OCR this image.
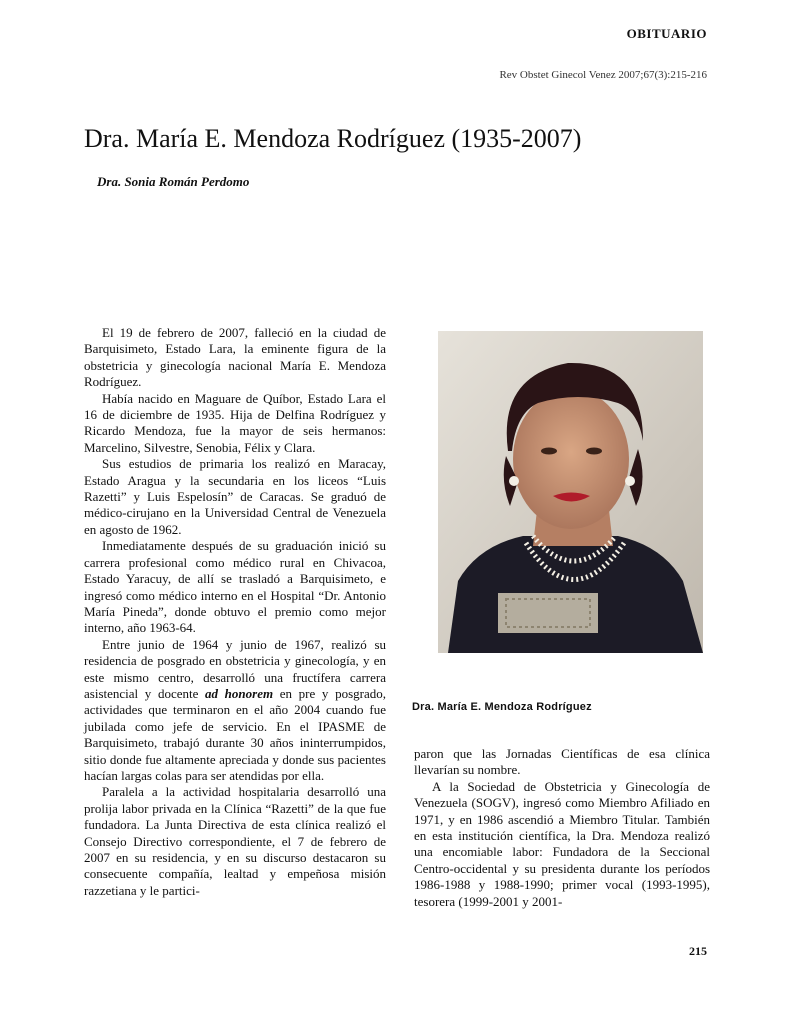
OBITUARIO
Rev Obstet Ginecol Venez 2007;67(3):215-216
Dra. María E. Mendoza Rodríguez (1935-2007)
Dra. Sonia Román Perdomo

El 19 de febrero de 2007, falleció en la ciudad de Barquisimeto, Estado Lara, la eminente figura de la obstetricia y ginecología nacional María E. Mendoza Rodríguez.

Había nacido en Maguare de Quíbor, Estado Lara el 16 de diciembre de 1935. Hija de Delfina Rodríguez y Ricardo Mendoza, fue la mayor de seis hermanos: Marcelino, Silvestre, Senobia, Félix y Clara.

Sus estudios de primaria los realizó en Maracay, Estado Aragua y la secundaria en los liceos “Luis Razetti” y Luis Espelosín” de Caracas. Se graduó de médico-cirujano en la Universidad Central de Venezuela en agosto de 1962.

Inmediatamente después de su graduación inició su carrera profesional como médico rural en Chivacoa, Estado Yaracuy, de allí se trasladó a Barquisimeto, e ingresó como médico interno en el Hospital “Dr. Antonio María Pineda”, donde obtuvo el premio como mejor interno, año 1963-64.

Entre junio de 1964 y junio de 1967, realizó su residencia de posgrado en obstetricia y ginecología, y en este mismo centro, desarrolló una fructífera carrera asistencial y docente ad honorem en pre y posgrado, actividades que terminaron en el año 2004 cuando fue jubilada como jefe de servicio. En el IPASME de Barquisimeto, trabajó durante 30 años ininterrumpidos, sitio donde fue altamente apreciada y donde sus pacientes hacían largas colas para ser atendidas por ella.

Paralela a la actividad hospitalaria desarrolló una prolija labor privada en la Clínica “Razetti” de la que fue fundadora. La Junta Directiva de esta clínica realizó el Consejo Directivo correspondiente, el 7 de febrero de 2007 en su residencia, y en su discurso destacaron su consecuente compañía, lealtad y empeñosa misión razzetiana y le partici-

Dra. María E. Mendoza Rodríguez

paron que las Jornadas Científicas de esa clínica llevarían su nombre.

A la Sociedad de Obstetricia y Ginecología de Venezuela (SOGV), ingresó como Miembro Afiliado en 1971, y en 1986 ascendió a Miembro Titular. También en esta institución científica, la Dra. Mendoza realizó una encomiable labor: Fundadora de la Seccional Centro-occidental y su presidenta durante los períodos 1986-1988 y 1988-1990; primer vocal (1993-1995), tesorera (1999-2001 y 2001-

215
